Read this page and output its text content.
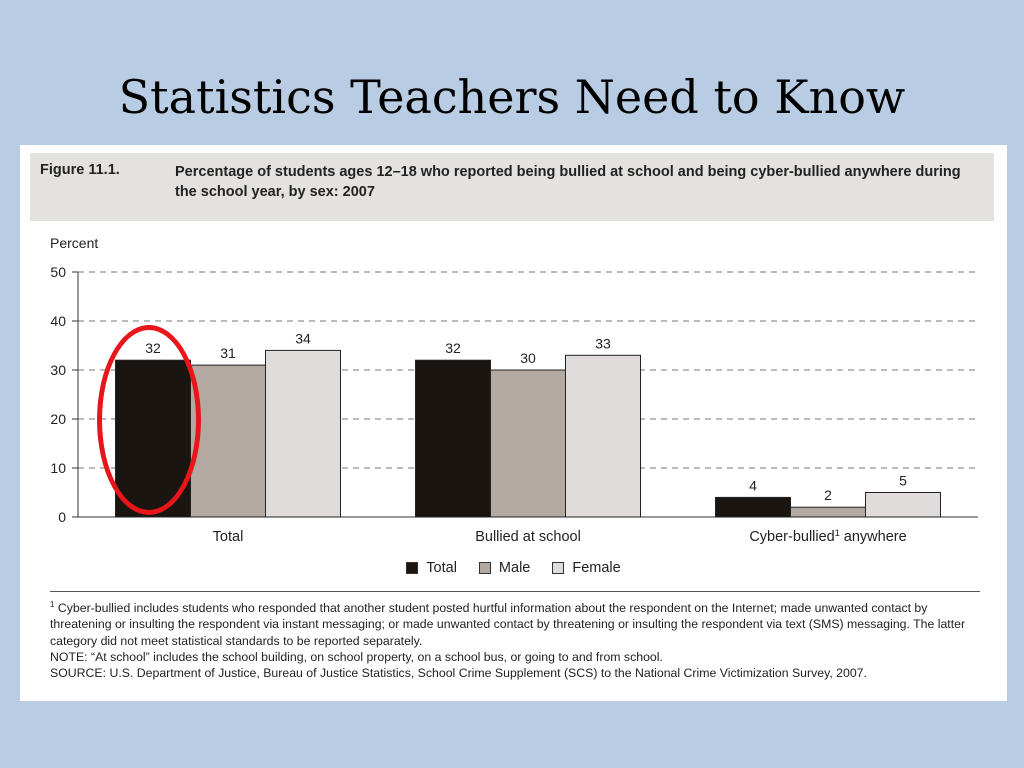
Statistics Teachers Need to Know
Figure 11.1.	Percentage of students ages 12–18 who reported being bullied at school and being cyber-bullied anywhere during the school year, by sex: 2007
Percent
0
10
20
30
40
50
32	31
34
Total
32
30
33
Bullied at school
4
2
5
Cyber-bullied$^1$ anywhere
Total	Male	Female

$^1$ Cyber-bullied includes students who responded that another student posted hurtful information about the respondent on the Internet; made unwanted contact by threatening or insulting the respondent via instant messaging; or made unwanted contact by threatening or insulting the respondent via text (SMS) messaging. The latter category did not meet statistical standards to be reported separately.

NOTE: “At school” includes the school building, on school property, on a school bus, or going to and from school.

SOURCE: U.S. Department of Justice, Bureau of Justice Statistics, School Crime Supplement (SCS) to the National Crime Victimization Survey, 2007.
